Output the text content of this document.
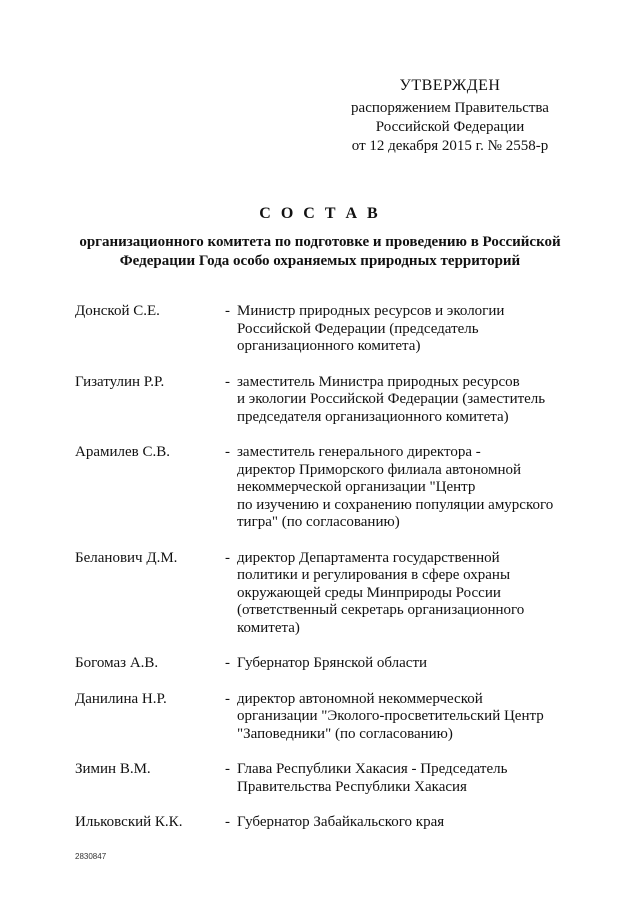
УТВЕРЖДЕН
распоряжением Правительства
Российской Федерации
от 12 декабря 2015 г. № 2558-р
С О С Т А В
организационного комитета по подготовке и проведению в Российской
Федерации Года особо охраняемых природных территорий
Донской С.Е.	- Министр природных ресурсов и экологии
Российской Федерации (председатель
организационного комитета)
Гизатулин Р.Р.	- заместитель Министра природных ресурсов
и экологии Российской Федерации (заместитель
председателя организационного комитета)
Арамилев С.В.	- заместитель генерального директора -
директор Приморского филиала автономной
некоммерческой организации "Центр
по изучению и сохранению популяции амурского
тигра" (по согласованию)
Беланович Д.М.	- директор Департамента государственной
политики и регулирования в сфере охраны
окружающей среды Минприроды России
(ответственный секретарь организационного
комитета)
Богомаз А.В.	- Губернатор Брянской области
Данилина Н.Р.	- директор автономной некоммерческой
организации "Эколого-просветительский Центр
"Заповедники" (по согласованию)
Зимин В.М.	- Глава Республики Хакасия - Председатель
Правительства Республики Хакасия
Ильковский К.К.	- Губернатор Забайкальского края
2830847
